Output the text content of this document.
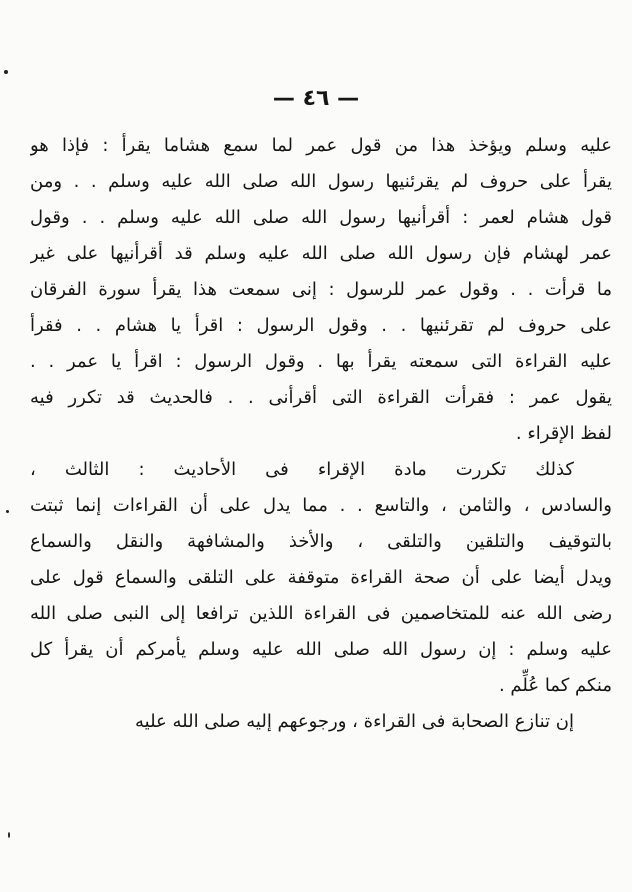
— ٤٦ —
عليه وسلم ويؤخذ هذا من قول عمر لما سمع هشاما يقرأ : فإذا هو
يقرأ على حروف لم يقرئنيها رسول الله صلى الله عليه وسلم . . ومن
قول هشام لعمر : أقرأنيها رسول الله صلى الله عليه وسلم . . وقول
عمر لهشام فإن رسول الله صلى الله عليه وسلم قد أقرأنيها على غير
ما قرأت . . وقول عمر للرسول : إنى سمعت هذا يقرأ سورة الفرقان
على حروف لم تقرئنيها . . وقول الرسول : اقرأ يا هشام . . فقرأ
عليه القراءة التى سمعته يقرأ بها . وقول الرسول : اقرأ يا عمر . .
يقول عمر : فقرأت القراءة التى أقرأنى . . فالحديث قد تكرر فيه
لفظ الإقراء .
كذلك تكررت مادة الإقراء فى الأحاديث : الثالث ،
والسادس ، والثامن ، والتاسع . . مما يدل على أن القراءات إنما ثبتت
بالتوقيف والتلقين والتلقى ، والأخذ والمشافهة والنقل والسماع
ويدل أيضا على أن صحة القراءة متوقفة على التلقى والسماع قول على
رضى الله عنه للمتخاصمين فى القراءة اللذين ترافعا إلى النبى صلى الله
عليه وسلم : إن رسول الله صلى الله عليه وسلم يأمركم أن يقرأ كل
منكم كما عُلِّم .
إن تنازع الصحابة فى القراءة ، ورجوعهم إليه صلى الله عليه
